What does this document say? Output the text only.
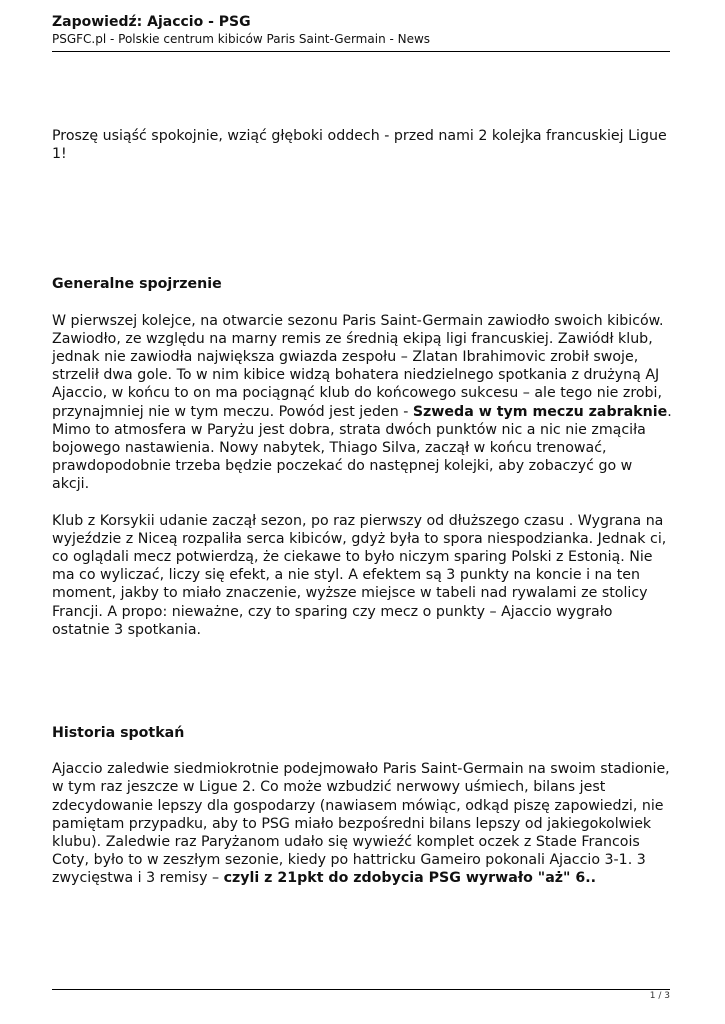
Zapowiedź: Ajaccio - PSG
PSGFC.pl - Polskie centrum kibiców Paris Saint-Germain - News

Proszę usiąść spokojnie, wziąć głęboki oddech - przed nami 2 kolejka francuskiej Ligue 1!

Generalne spojrzenie

W pierwszej kolejce, na otwarcie sezonu Paris Saint-Germain zawiodło swoich kibiców. Zawiodło, ze względu na marny remis ze średnią ekipą ligi francuskiej. Zawiódł klub, jednak nie zawiodła największa gwiazda zespołu – Zlatan Ibrahimovic zrobił swoje, strzelił dwa gole. To w nim kibice widzą bohatera niedzielnego spotkania z drużyną AJ Ajaccio, w końcu to on ma pociągnąć klub do końcowego sukcesu – ale tego nie zrobi, przynajmniej nie w tym meczu. Powód jest jeden - Szweda w tym meczu zabraknie. Mimo to atmosfera w Paryżu jest dobra, strata dwóch punktów nic a nic nie zmąciła bojowego nastawienia. Nowy nabytek, Thiago Silva, zaczął w końcu trenować, prawdopodobnie trzeba będzie poczekać do następnej kolejki, aby zobaczyć go w akcji.

Klub z Korsykii udanie zaczął sezon, po raz pierwszy od dłuższego czasu . Wygrana na wyjeździe z Niceą rozpaliła serca kibiców, gdyż była to spora niespodzianka. Jednak ci, co oglądali mecz potwierdzą, że ciekawe to było niczym sparing Polski z Estonią. Nie ma co wyliczać, liczy się efekt, a nie styl. A efektem są 3 punkty na koncie i na ten moment, jakby to miało znaczenie, wyższe miejsce w tabeli nad rywalami ze stolicy Francji. A propo: nieważne, czy to sparing czy mecz o punkty – Ajaccio wygrało ostatnie 3 spotkania.

Historia spotkań

Ajaccio zaledwie siedmiokrotnie podejmowało Paris Saint-Germain na swoim stadionie, w tym raz jeszcze w Ligue 2. Co może wzbudzić nerwowy uśmiech, bilans jest zdecydowanie lepszy dla gospodarzy (nawiasem mówiąc, odkąd piszę zapowiedzi, nie pamiętam przypadku, aby to PSG miało bezpośredni bilans lepszy od jakiegokolwiek klubu). Zaledwie raz Paryżanom udało się wywieźć komplet oczek z Stade Francois Coty, było to w zeszłym sezonie, kiedy po hattricku Gameiro pokonali Ajaccio 3-1. 3 zwycięstwa i 3 remisy – czyli z 21pkt do zdobycia PSG wyrwało "aż" 6..

1 / 3
